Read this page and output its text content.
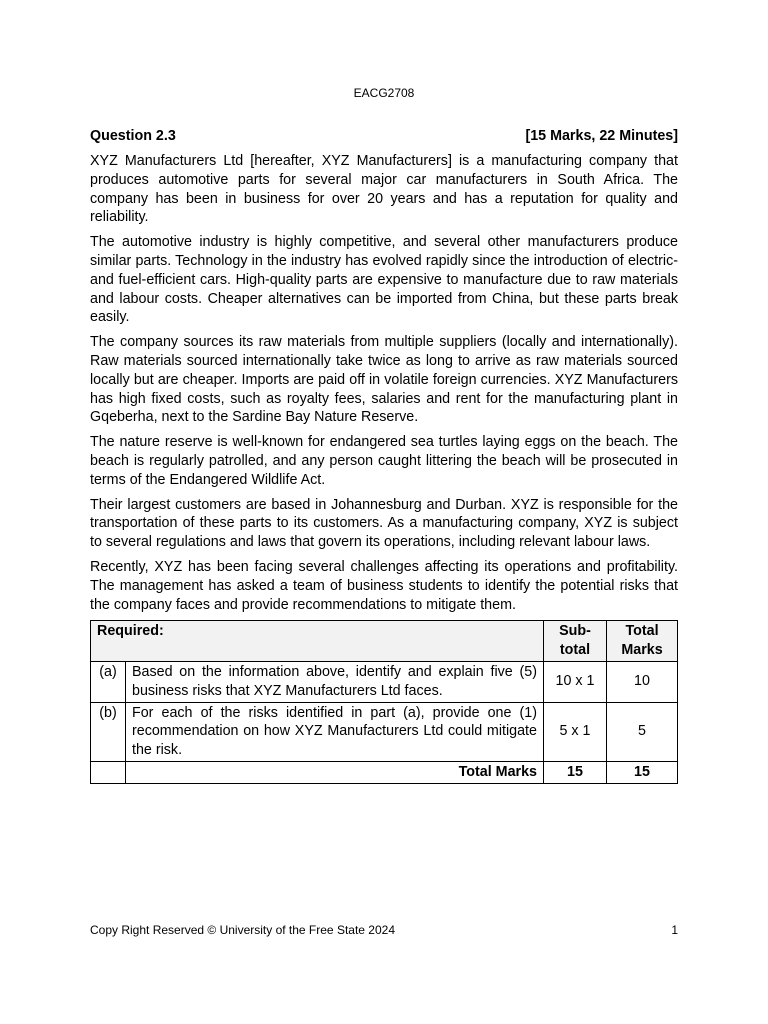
EACG2708
Question 2.3	[15 Marks, 22 Minutes]

XYZ Manufacturers Ltd [hereafter, XYZ Manufacturers] is a manufacturing company that produces automotive parts for several major car manufacturers in South Africa. The company has been in business for over 20 years and has a reputation for quality and reliability.

The automotive industry is highly competitive, and several other manufacturers produce similar parts. Technology in the industry has evolved rapidly since the introduction of electric- and fuel-efficient cars. High-quality parts are expensive to manufacture due to raw materials and labour costs. Cheaper alternatives can be imported from China, but these parts break easily.

The company sources its raw materials from multiple suppliers (locally and internationally). Raw materials sourced internationally take twice as long to arrive as raw materials sourced locally but are cheaper. Imports are paid off in volatile foreign currencies. XYZ Manufacturers has high fixed costs, such as royalty fees, salaries and rent for the manufacturing plant in Gqeberha, next to the Sardine Bay Nature Reserve.

The nature reserve is well-known for endangered sea turtles laying eggs on the beach. The beach is regularly patrolled, and any person caught littering the beach will be prosecuted in terms of the Endangered Wildlife Act.

Their largest customers are based in Johannesburg and Durban. XYZ is responsible for the transportation of these parts to its customers. As a manufacturing company, XYZ is subject to several regulations and laws that govern its operations, including relevant labour laws.

Recently, XYZ has been facing several challenges affecting its operations and profitability. The management has asked a team of business students to identify the potential risks that the company faces and provide recommendations to mitigate them.

Required:		Sub-total	Total Marks
(a)	Based on the information above, identify and explain five (5) business risks that XYZ Manufacturers Ltd faces.	10 x 1	10
(b)	For each of the risks identified in part (a), provide one (1) recommendation on how XYZ Manufacturers Ltd could mitigate the risk.	5 x 1	5
	Total Marks	15	15
Copy Right Reserved © University of the Free State 2024	1
